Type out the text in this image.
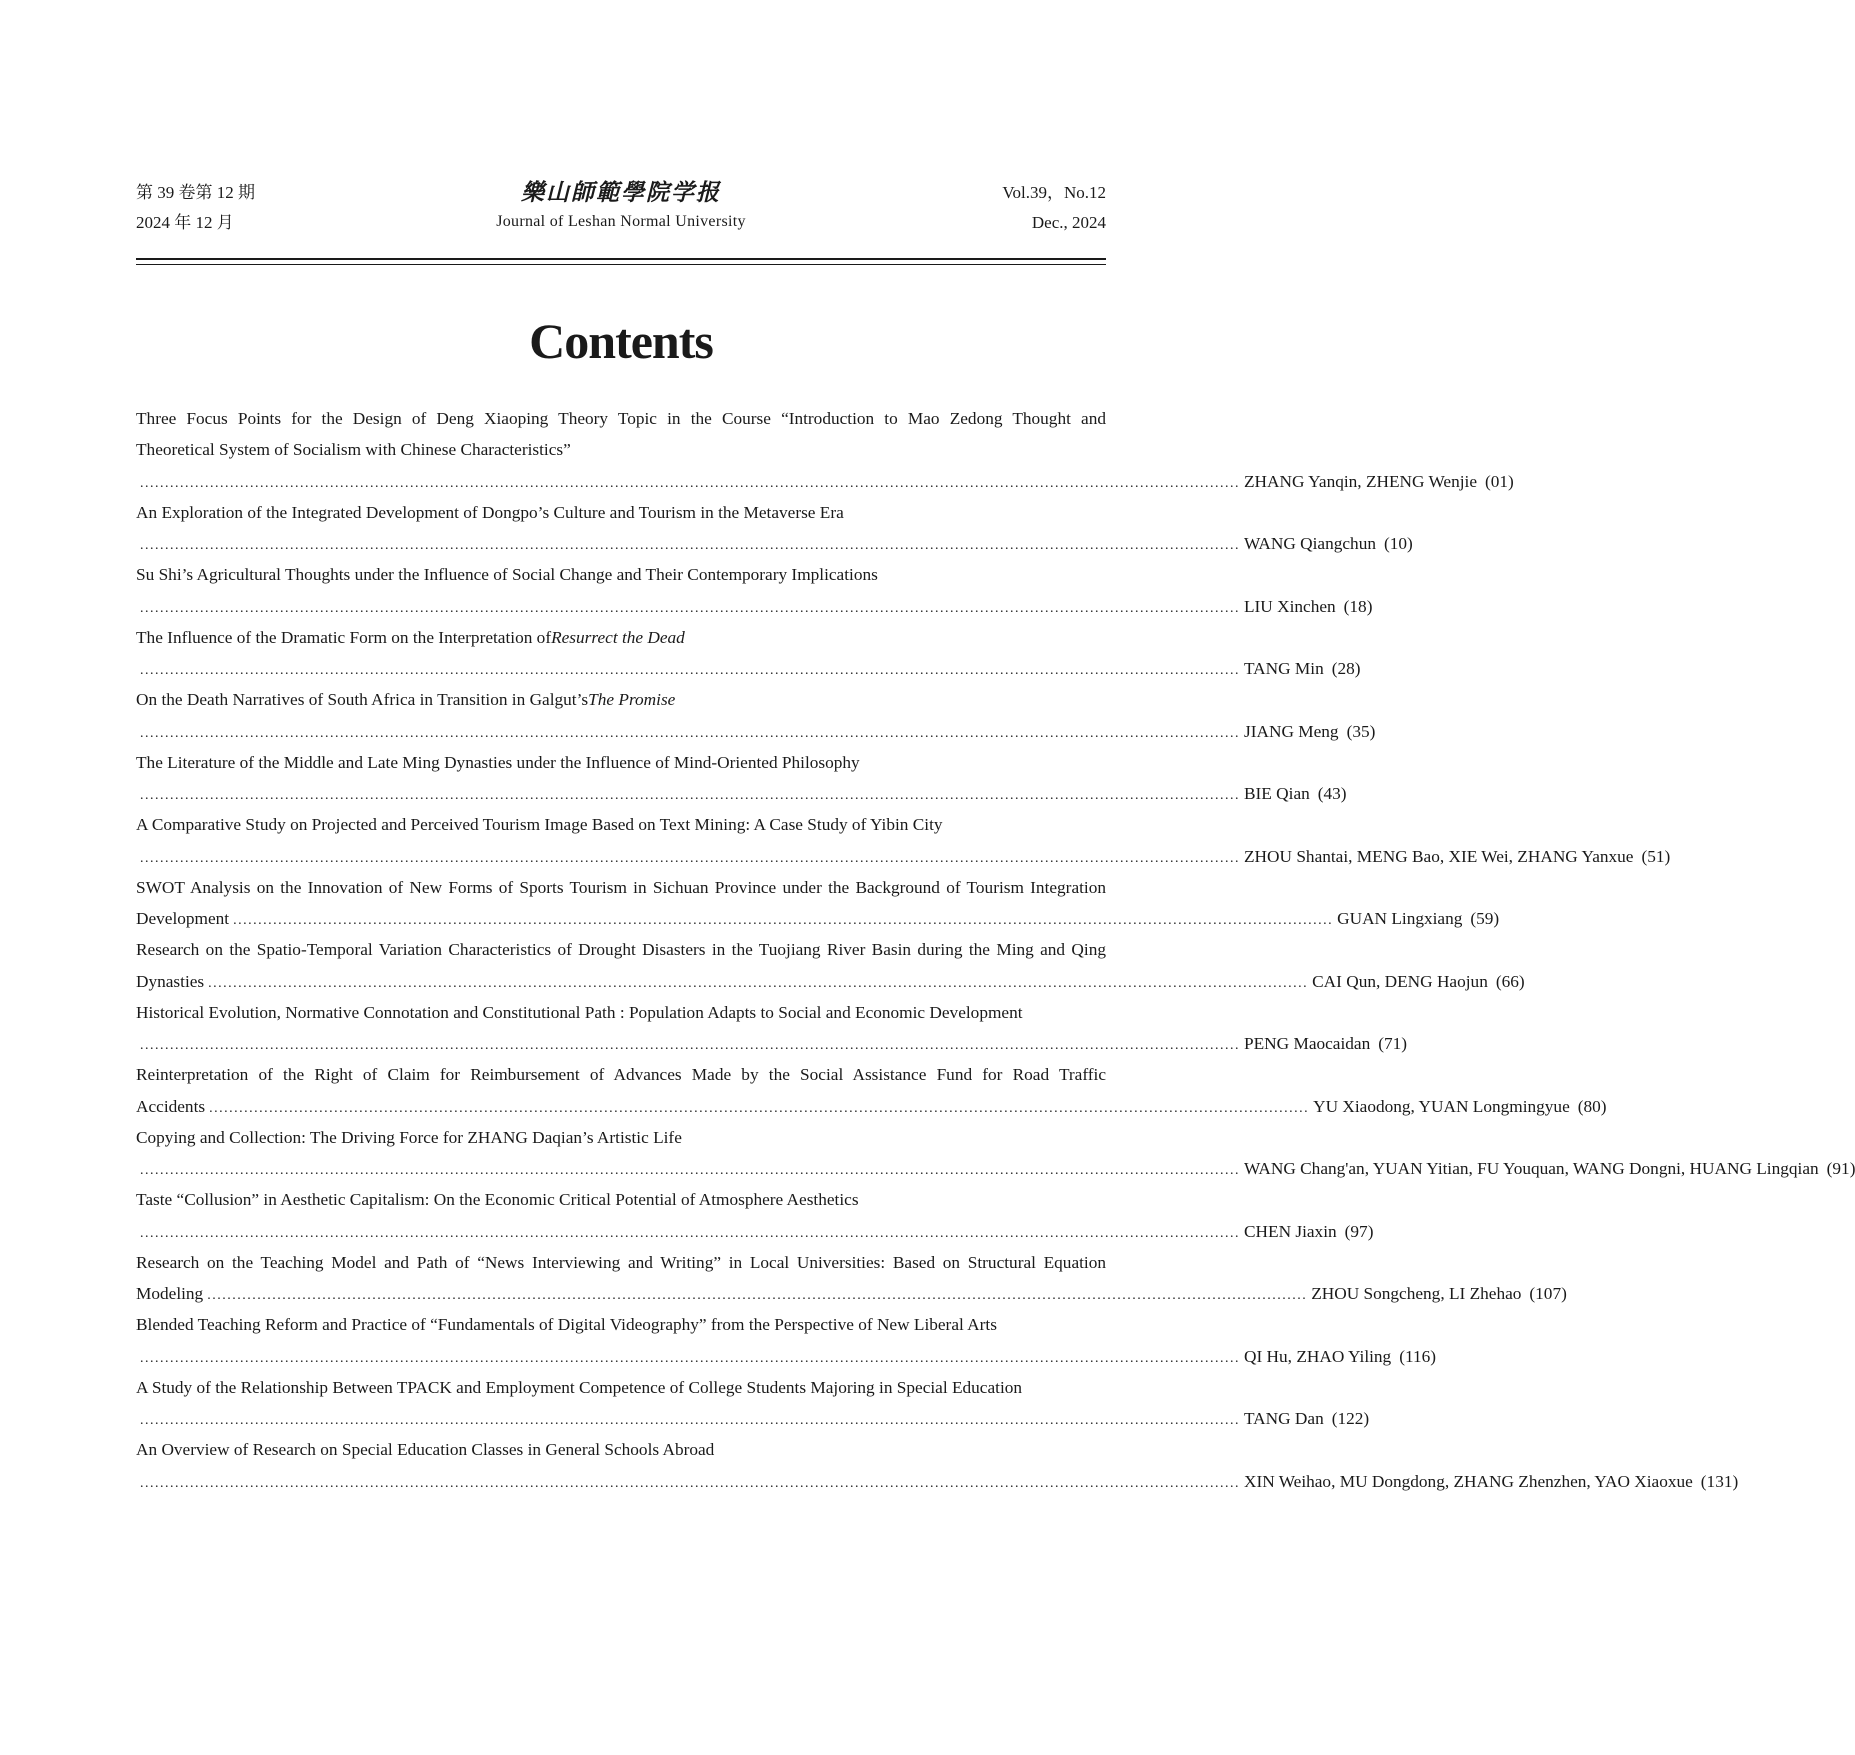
第 39 卷第 12 期
2024 年 12 月
樂山師範學院学报
Journal of Leshan Normal University
Vol.39，No.12
Dec., 2024
Contents
Three Focus Points for the Design of Deng Xiaoping Theory Topic in the Course “Introduction to Mao Zedong Thought and
Theoretical System of Socialism with Chinese Characteristics”
............................................................................................................................................................................................................................ ZHANG Yanqin, ZHENG Wenjie (01)
An Exploration of the Integrated Development of Dongpo’s Culture and Tourism in the Metaverse Era
............................................................................................................................................................................................................................ WANG Qiangchun (10)
Su Shi’s Agricultural Thoughts under the Influence of Social Change and Their Contemporary Implications
............................................................................................................................................................................................................................ LIU Xinchen (18)
The Influence of the Dramatic Form on the Interpretation of Resurrect the Dead
............................................................................................................................................................................................................................ TANG Min (28)
On the Death Narratives of South Africa in Transition in Galgut’s The Promise
............................................................................................................................................................................................................................ JIANG Meng (35)
The Literature of the Middle and Late Ming Dynasties under the Influence of Mind-Oriented Philosophy
............................................................................................................................................................................................................................ BIE Qian (43)
A Comparative Study on Projected and Perceived Tourism Image Based on Text Mining: A Case Study of Yibin City
............................................................................................................................................................................................................................ ZHOU Shantai, MENG Bao, XIE Wei, ZHANG Yanxue (51)
SWOT Analysis on the Innovation of New Forms of Sports Tourism in Sichuan Province under the Background of Tourism Integration
Development ............................................................................................................................................................................................................................ GUAN Lingxiang (59)
Research on the Spatio-Temporal Variation Characteristics of Drought Disasters in the Tuojiang River Basin during the Ming and Qing
Dynasties ............................................................................................................................................................................................................................ CAI Qun, DENG Haojun (66)
Historical Evolution, Normative Connotation and Constitutional Path : Population Adapts to Social and Economic Development
............................................................................................................................................................................................................................ PENG Maocaidan (71)
Reinterpretation of the Right of Claim for Reimbursement of Advances Made by the Social Assistance Fund for Road Traffic
Accidents ............................................................................................................................................................................................................................ YU Xiaodong, YUAN Longmingyue (80)
Copying and Collection: The Driving Force for ZHANG Daqian’s Artistic Life
............................................................................................................................................................................................................................ WANG Chang'an, YUAN Yitian, FU Youquan, WANG Dongni, HUANG Lingqian (91)
Taste “Collusion” in Aesthetic Capitalism: On the Economic Critical Potential of Atmosphere Aesthetics
............................................................................................................................................................................................................................ CHEN Jiaxin (97)
Research on the Teaching Model and Path of “News Interviewing and Writing” in Local Universities: Based on Structural Equation
Modeling ............................................................................................................................................................................................................................ ZHOU Songcheng, LI Zhehao (107)
Blended Teaching Reform and Practice of “Fundamentals of Digital Videography” from the Perspective of New Liberal Arts
............................................................................................................................................................................................................................ QI Hu, ZHAO Yiling (116)
A Study of the Relationship Between TPACK and Employment Competence of College Students Majoring in Special Education
............................................................................................................................................................................................................................ TANG Dan (122)
An Overview of Research on Special Education Classes in General Schools Abroad
............................................................................................................................................................................................................................ XIN Weihao, MU Dongdong, ZHANG Zhenzhen, YAO Xiaoxue (131)
